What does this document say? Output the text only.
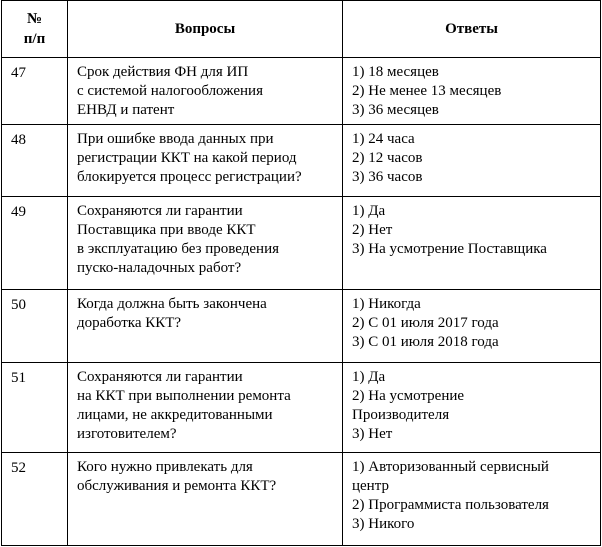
№
п/п	Вопросы	Ответы
47	Срок действия ФН для ИП
с системой налогообложения
ЕНВД и патент	1) 18 месяцев
2) Не менее 13 месяцев
3) 36 месяцев

48	При ошибке ввода данных при
регистрации ККТ на какой период
блокируется процесс регистрации?	1) 24 часа
2) 12 часов
3) 36 часов

49	Сохраняются ли гарантии
Поставщика при вводе ККТ
в эксплуатацию без проведения
пуско-наладочных работ?	1) Да
2) Нет
3) На усмотрение Поставщика

50	Когда должна быть закончена
доработка ККТ?	1) Никогда
2) С 01 июля 2017 года
3) С 01 июля 2018 года

51	Сохраняются ли гарантии
на ККТ при выполнении ремонта
лицами, не аккредитованными
изготовителем?	1) Да
2) На усмотрение
Производителя
3) Нет

52	Кого нужно привлекать для
обслуживания и ремонта ККТ?	1) Авторизованный сервисный
центр
2) Программиста пользователя
3) Никого
